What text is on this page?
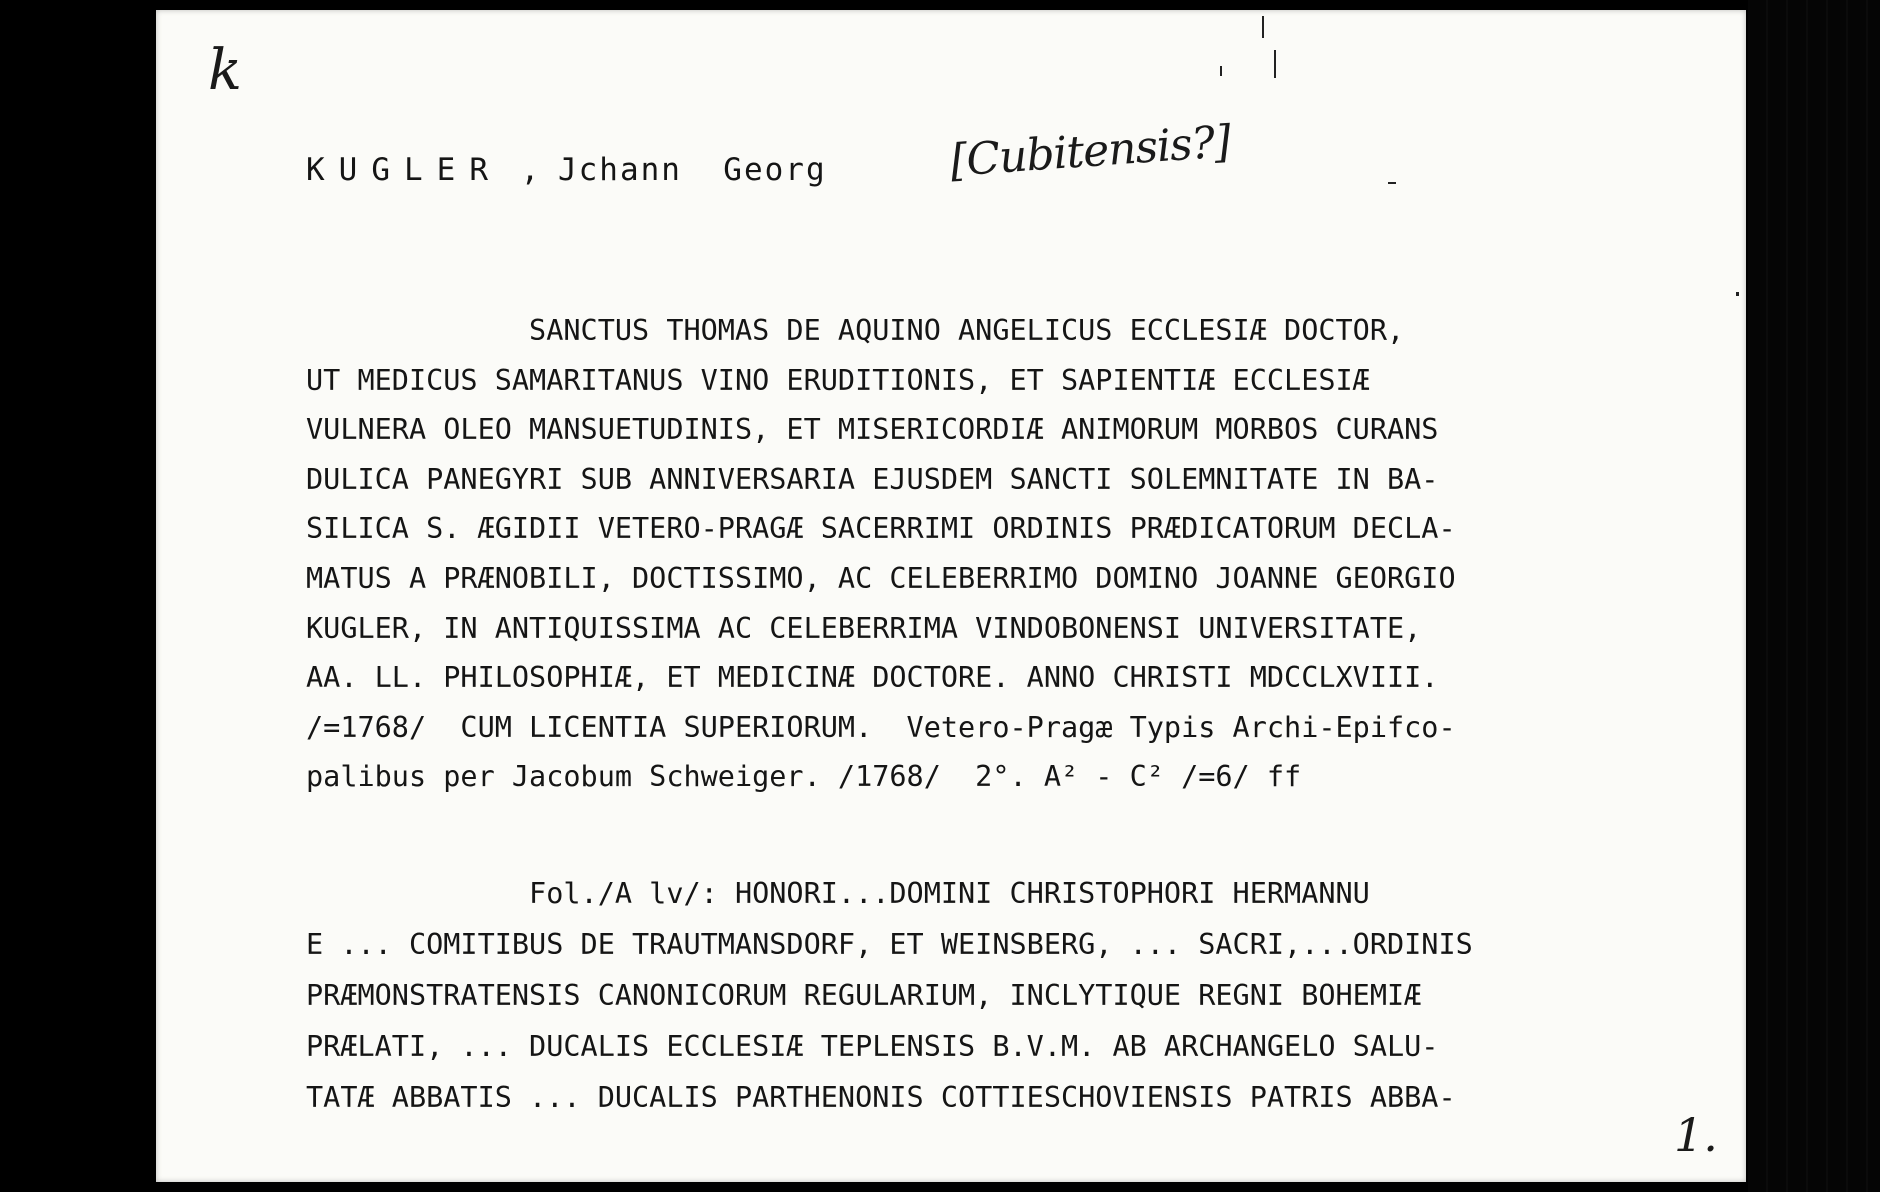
k
KUGLER , Jchann  Georg	[Cubitensis?]
SANCTUS THOMAS DE AQUINO ANGELICUS ECCLESIÆ DOCTOR,
UT MEDICUS SAMARITANUS VINO ERUDITIONIS, ET SAPIENTIÆ ECCLESIÆ
VULNERA OLEO MANSUETUDINIS, ET MISERICORDIÆ ANIMORUM MORBOS CURANS
DULICA PANEGYRI SUB ANNIVERSARIA EJUSDEM SANCTI SOLEMNITATE IN BA-
SILICA S. ÆGIDII VETERO-PRAGÆ SACERRIMI ORDINIS PRÆDICATORUM DECLA-
MATUS A PRÆNOBILI, DOCTISSIMO, AC CELEBERRIMO DOMINO JOANNE GEORGIO
KUGLER, IN ANTIQUISSIMA AC CELEBERRIMA VINDOBONENSI UNIVERSITATE,
AA. LL. PHILOSOPHIÆ, ET MEDICINÆ DOCTORE. ANNO CHRISTI MDCCLXVIII.
/=1768/  CUM LICENTIA SUPERIORUM.  Vetero-Pragæ Typis Archi-Epifco-
palibus per Jacobum Schweiger. /1768/  2°. A² - C² /=6/ ff
Fol./A lv/: HONORI...DOMINI CHRISTOPHORI HERMANNU
E ... COMITIBUS DE TRAUTMANSDORF, ET WEINSBERG, ... SACRI,...ORDINIS
PRÆMONSTRATENSIS CANONICORUM REGULARIUM, INCLYTIQUE REGNI BOHEMIÆ
PRÆLATI, ... DUCALIS ECCLESIÆ TEPLENSIS B.V.M. AB ARCHANGELO SALU-
TATÆ ABBATIS ... DUCALIS PARTHENONIS COTTIESCHOVIENSIS PATRIS ABBA-
1.
